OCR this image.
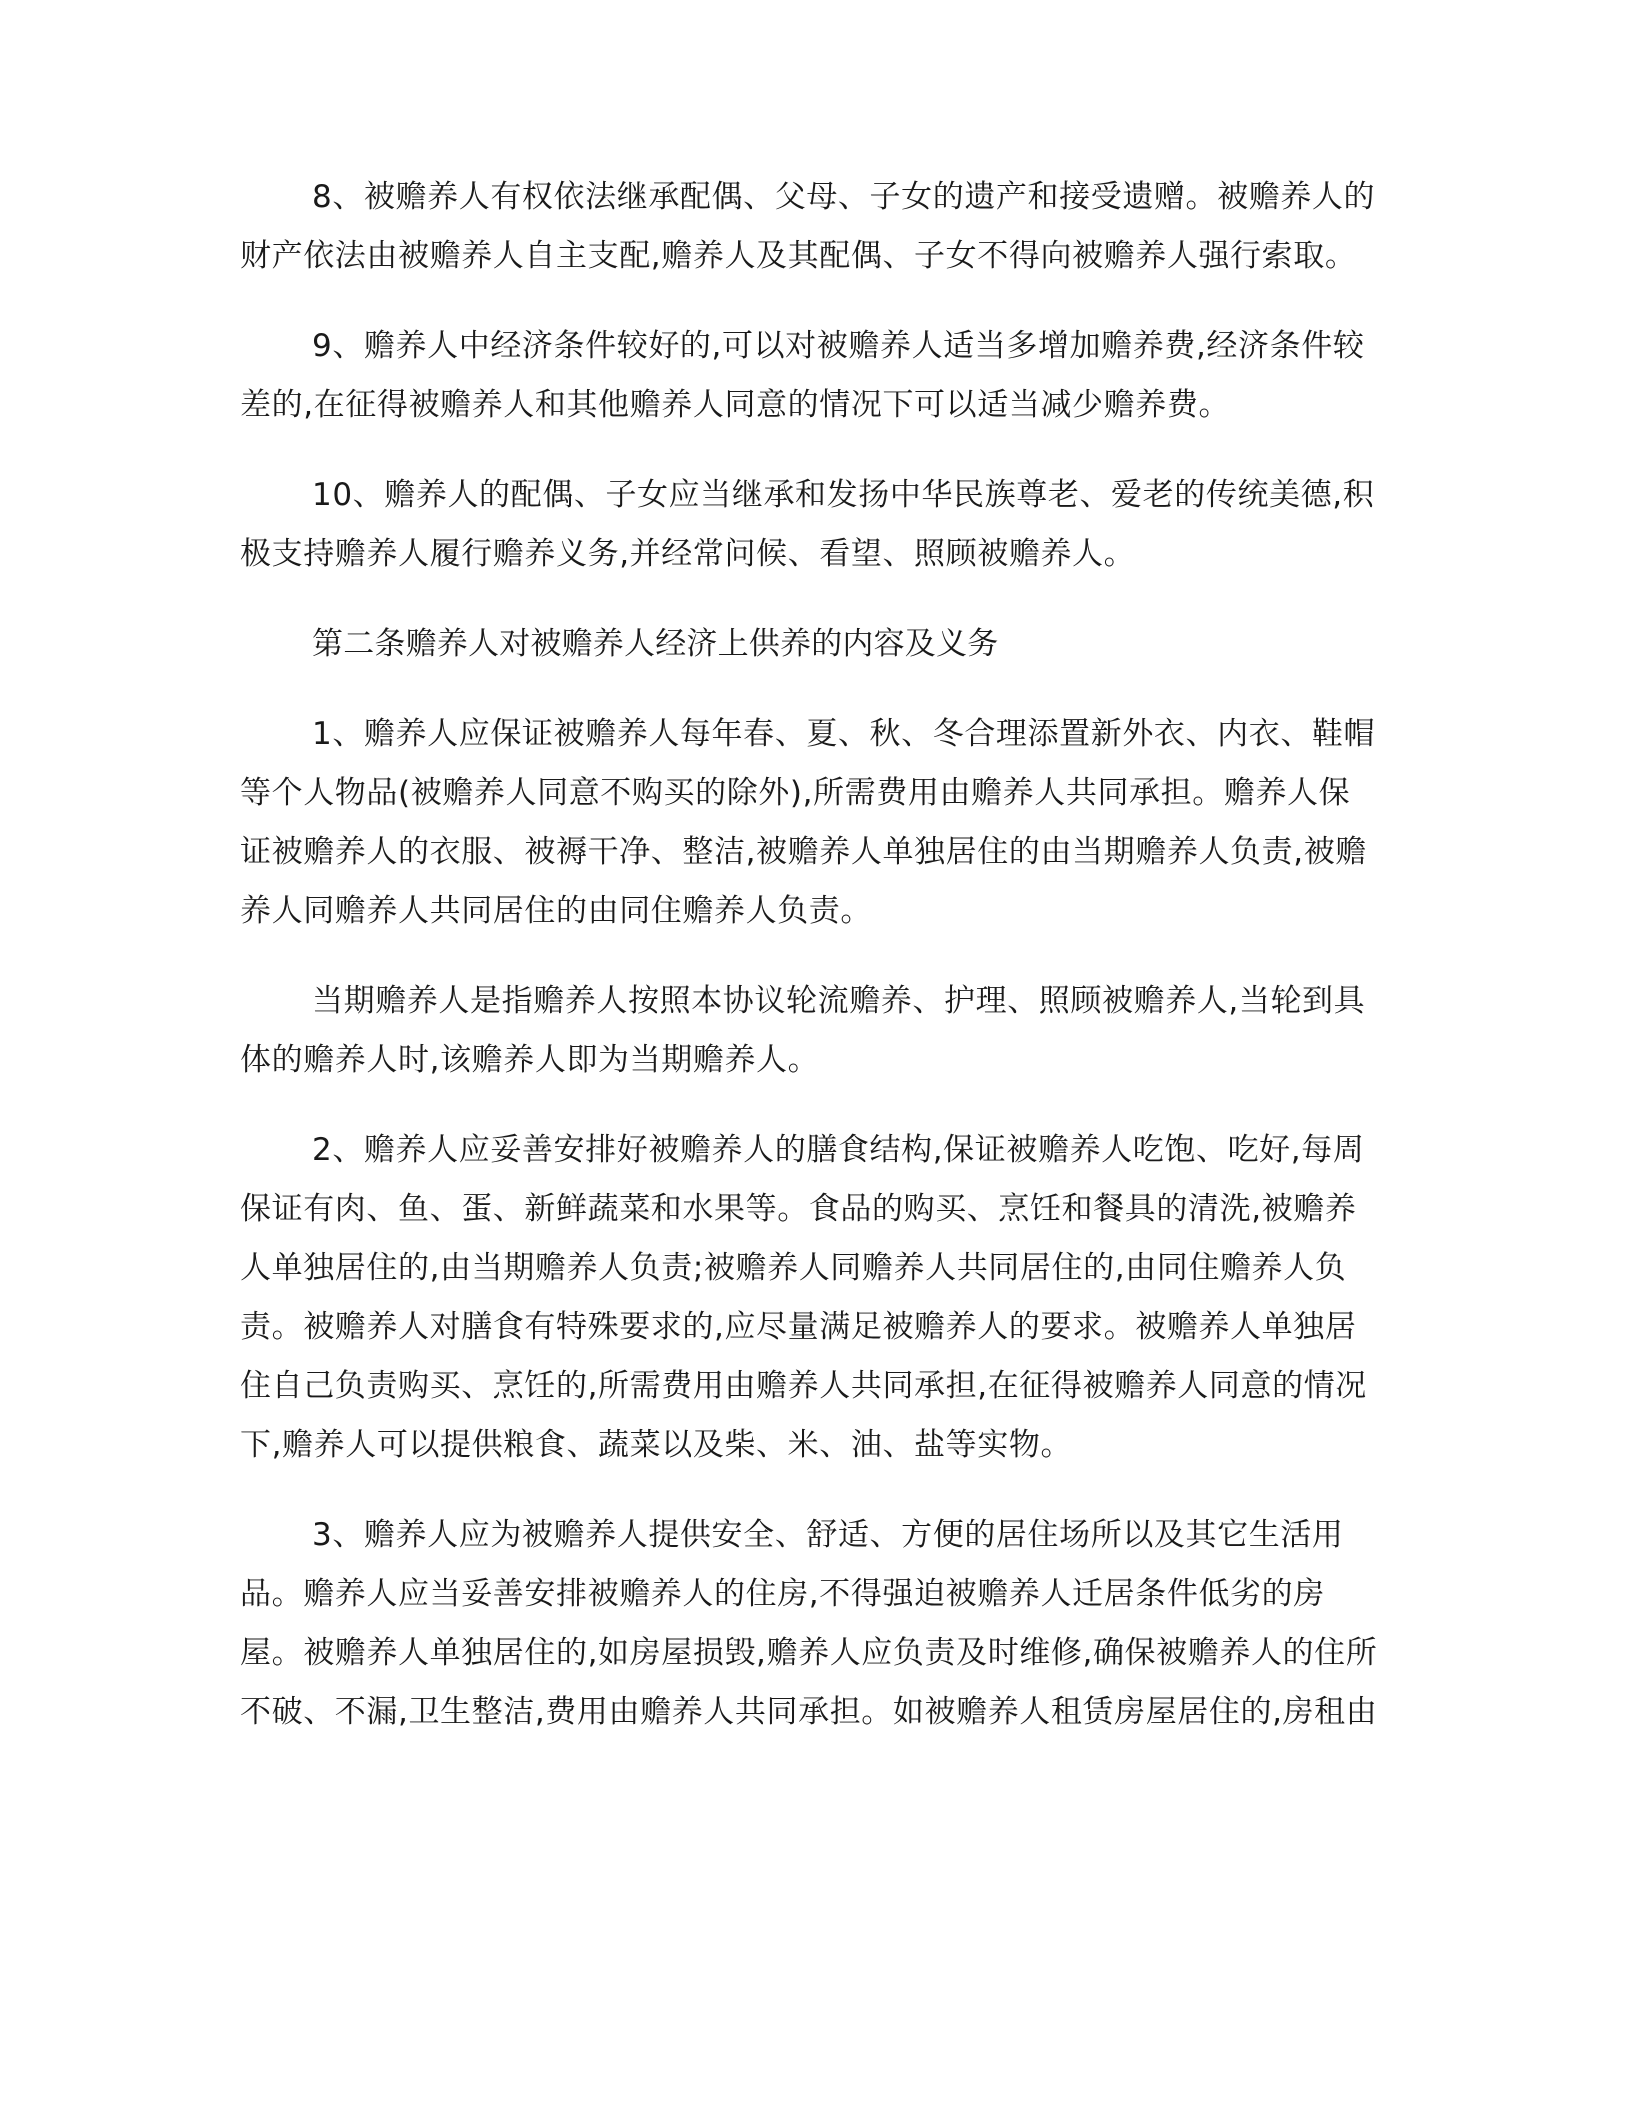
8、被赡养人有权依法继承配偶、父母、子女的遗产和接受遗赠。被赡养人的
财产依法由被赡养人自主支配,赡养人及其配偶、子女不得向被赡养人强行索取。
9、赡养人中经济条件较好的,可以对被赡养人适当多增加赡养费,经济条件较
差的,在征得被赡养人和其他赡养人同意的情况下可以适当减少赡养费。
10、赡养人的配偶、子女应当继承和发扬中华民族尊老、爱老的传统美德,积
极支持赡养人履行赡养义务,并经常问候、看望、照顾被赡养人。
第二条赡养人对被赡养人经济上供养的内容及义务
1、赡养人应保证被赡养人每年春、夏、秋、冬合理添置新外衣、内衣、鞋帽
等个人物品(被赡养人同意不购买的除外),所需费用由赡养人共同承担。赡养人保
证被赡养人的衣服、被褥干净、整洁,被赡养人单独居住的由当期赡养人负责,被赡
养人同赡养人共同居住的由同住赡养人负责。
当期赡养人是指赡养人按照本协议轮流赡养、护理、照顾被赡养人,当轮到具
体的赡养人时,该赡养人即为当期赡养人。
2、赡养人应妥善安排好被赡养人的膳食结构,保证被赡养人吃饱、吃好,每周
保证有肉、鱼、蛋、新鲜蔬菜和水果等。食品的购买、烹饪和餐具的清洗,被赡养
人单独居住的,由当期赡养人负责;被赡养人同赡养人共同居住的,由同住赡养人负
责。被赡养人对膳食有特殊要求的,应尽量满足被赡养人的要求。被赡养人单独居
住自己负责购买、烹饪的,所需费用由赡养人共同承担,在征得被赡养人同意的情况
下,赡养人可以提供粮食、蔬菜以及柴、米、油、盐等实物。
3、赡养人应为被赡养人提供安全、舒适、方便的居住场所以及其它生活用
品。赡养人应当妥善安排被赡养人的住房,不得强迫被赡养人迁居条件低劣的房
屋。被赡养人单独居住的,如房屋损毁,赡养人应负责及时维修,确保被赡养人的住所
不破、不漏,卫生整洁,费用由赡养人共同承担。如被赡养人租赁房屋居住的,房租由
